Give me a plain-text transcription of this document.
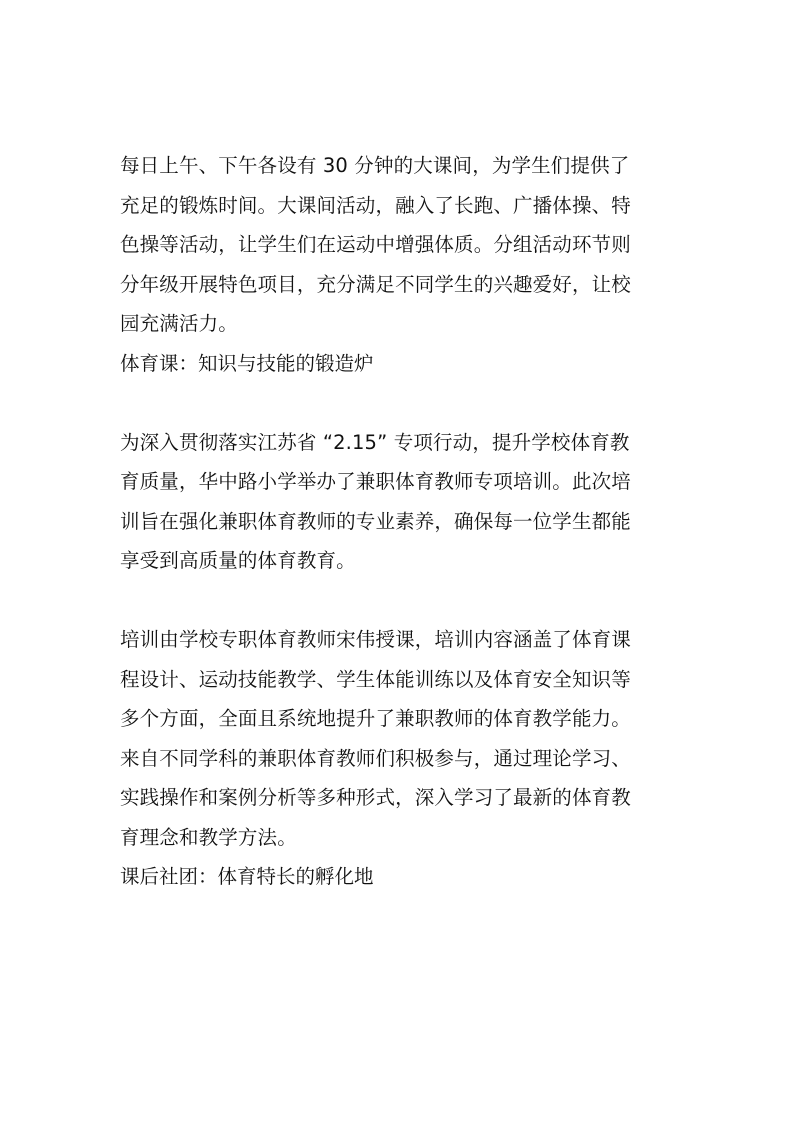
每日上午、下午各设有 30 分钟的大课间，为学生们提供了
充足的锻炼时间。大课间活动，融入了长跑、广播体操、特
色操等活动，让学生们在运动中增强体质。分组活动环节则
分年级开展特色项目，充分满足不同学生的兴趣爱好，让校
园充满活力。

体育课：知识与技能的锻造炉

为深入贯彻落实江苏省 “2.15” 专项行动，提升学校体育教
育质量，华中路小学举办了兼职体育教师专项培训。此次培
训旨在强化兼职体育教师的专业素养，确保每一位学生都能
享受到高质量的体育教育。

培训由学校专职体育教师宋伟授课，培训内容涵盖了体育课
程设计、运动技能教学、学生体能训练以及体育安全知识等
多个方面，全面且系统地提升了兼职教师的体育教学能力。
来自不同学科的兼职体育教师们积极参与，通过理论学习、
实践操作和案例分析等多种形式，深入学习了最新的体育教
育理念和教学方法。

课后社团：体育特长的孵化地
